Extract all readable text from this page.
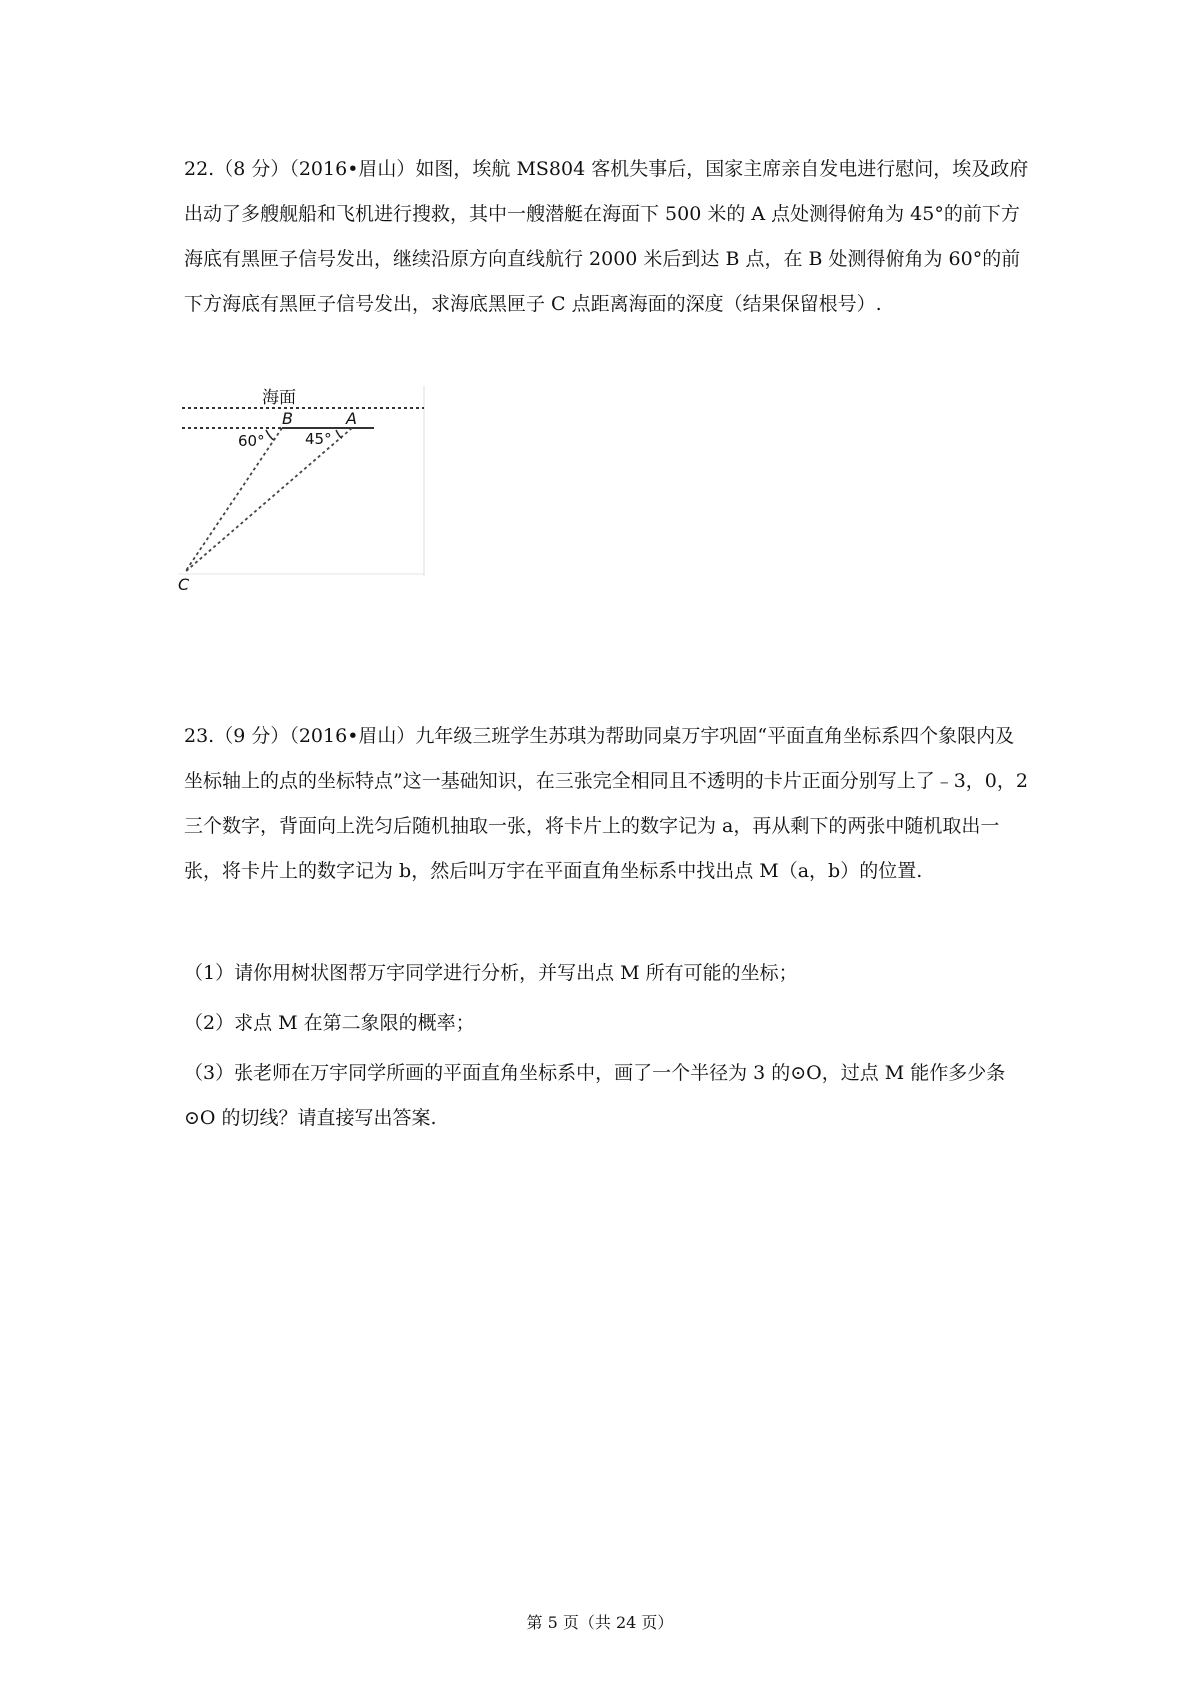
22.（8 分）（2016•眉山）如图，埃航 MS804 客机失事后，国家主席亲自发电进行慰问，埃及政府出动了多艘舰船和飞机进行搜救，其中一艘潜艇在海面下 500 米的 A 点处测得俯角为 45°的前下方海底有黑匣子信号发出，继续沿原方向直线航行 2000 米后到达 B 点，在 B 处测得俯角为 60°的前下方海底有黑匣子信号发出，求海底黑匣子 C 点距离海面的深度（结果保留根号）.

海面
B	A
C
60°	45°

23.（9 分）（2016•眉山）九年级三班学生苏琪为帮助同桌万宇巩固“平面直角坐标系四个象限内及坐标轴上的点的坐标特点”这一基础知识，在三张完全相同且不透明的卡片正面分别写上了﹣3，0，2 三个数字，背面向上洗匀后随机抽取一张，将卡片上的数字记为 a，再从剩下的两张中随机取出一张，将卡片上的数字记为 b，然后叫万宇在平面直角坐标系中找出点 M（a，b）的位置.

（1）请你用树状图帮万宇同学进行分析，并写出点 M 所有可能的坐标；

（2）求点 M 在第二象限的概率；

（3）张老师在万宇同学所画的平面直角坐标系中，画了一个半径为 3 的⊙O，过点 M 能作多少条⊙O 的切线？请直接写出答案.

第 5 页（共 24 页）
